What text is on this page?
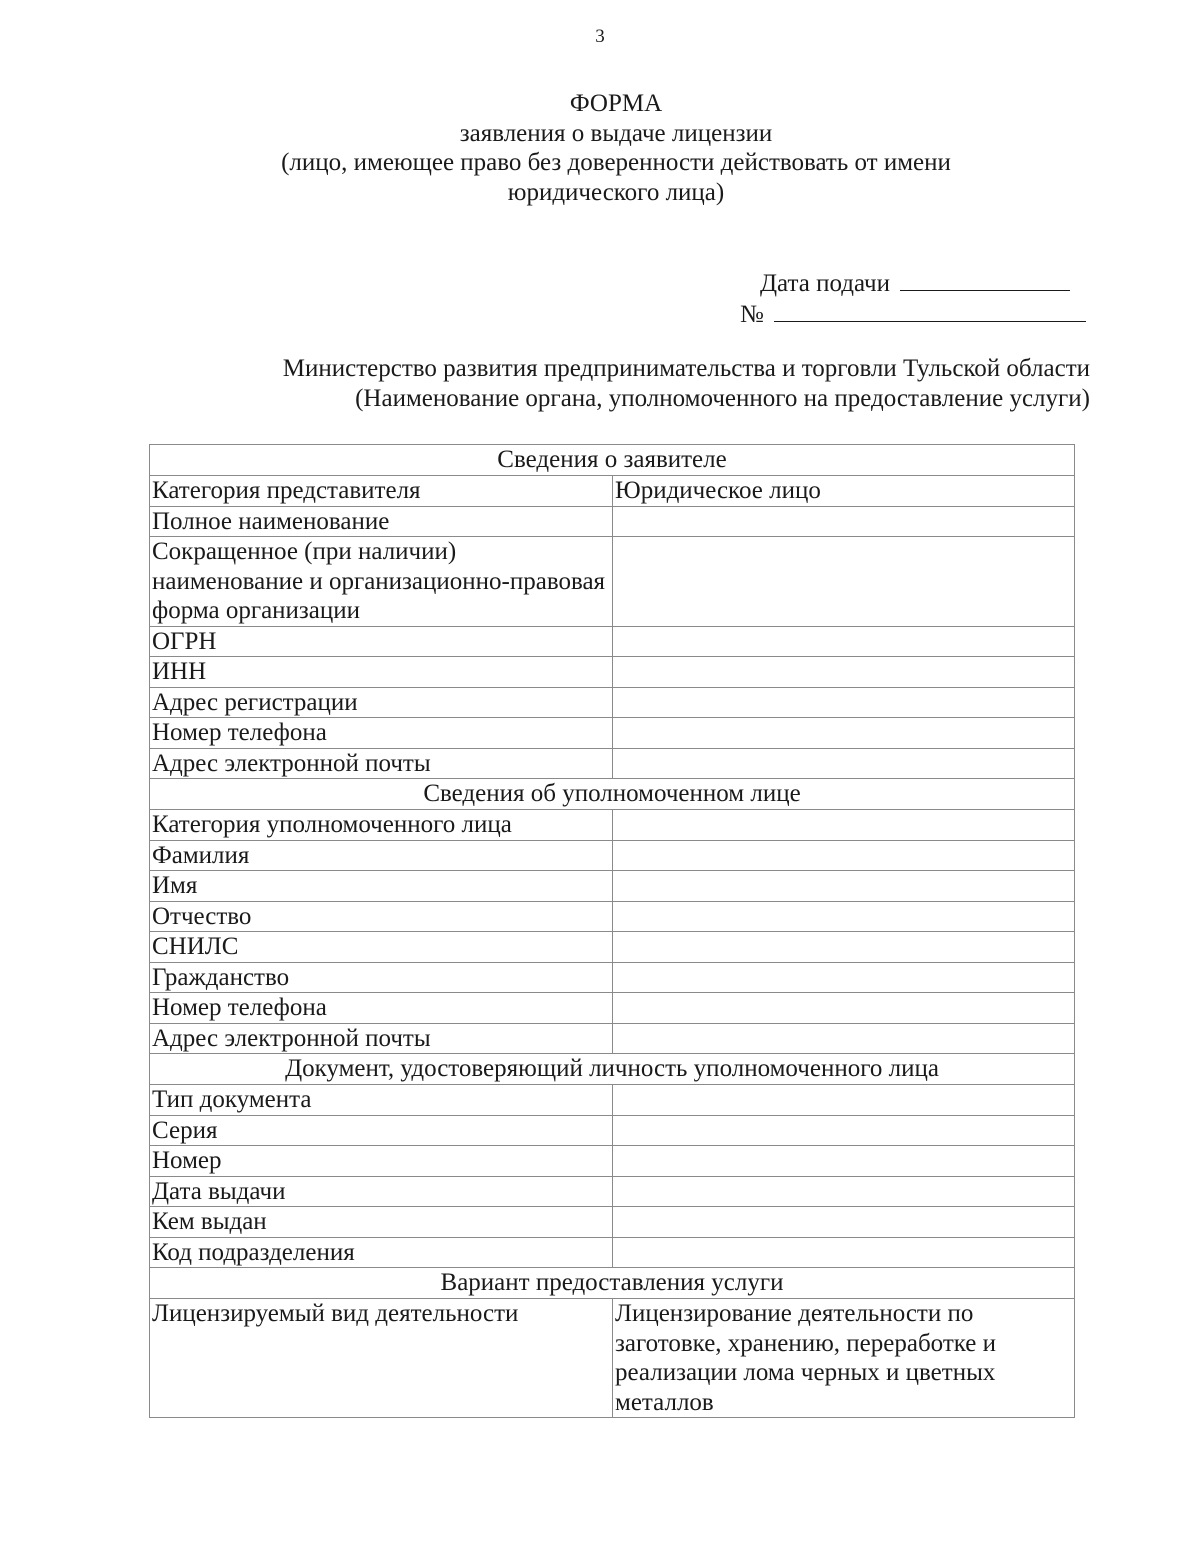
3
ФОРМА
заявления о выдаче лицензии
(лицо, имеющее право без доверенности действовать от имени
юридического лица)
Дата подачи
№
Министерство развития предпринимательства и торговли Тульской области
(Наименование органа, уполномоченного на предоставление услуги)
Сведения о заявителе	
Категория представителя	Юридическое лицо
Полное наименование	
Сокращенное (при наличии) наименование и организационно-правовая форма организации	
ОГРН	
ИНН	
Адрес регистрации	
Номер телефона	
Адрес электронной почты	
Сведения об уполномоченном лице	
Категория уполномоченного лица	
Фамилия	
Имя	
Отчество	
СНИЛС	
Гражданство	
Номер телефона	
Адрес электронной почты	
Документ, удостоверяющий личность уполномоченного лица	
Тип документа	
Серия	
Номер	
Дата выдачи	
Кем выдан	
Код подразделения	
Вариант предоставления услуги	
Лицензируемый вид деятельности	Лицензирование деятельности по заготовке, хранению, переработке и реализации лома черных и цветных металлов
